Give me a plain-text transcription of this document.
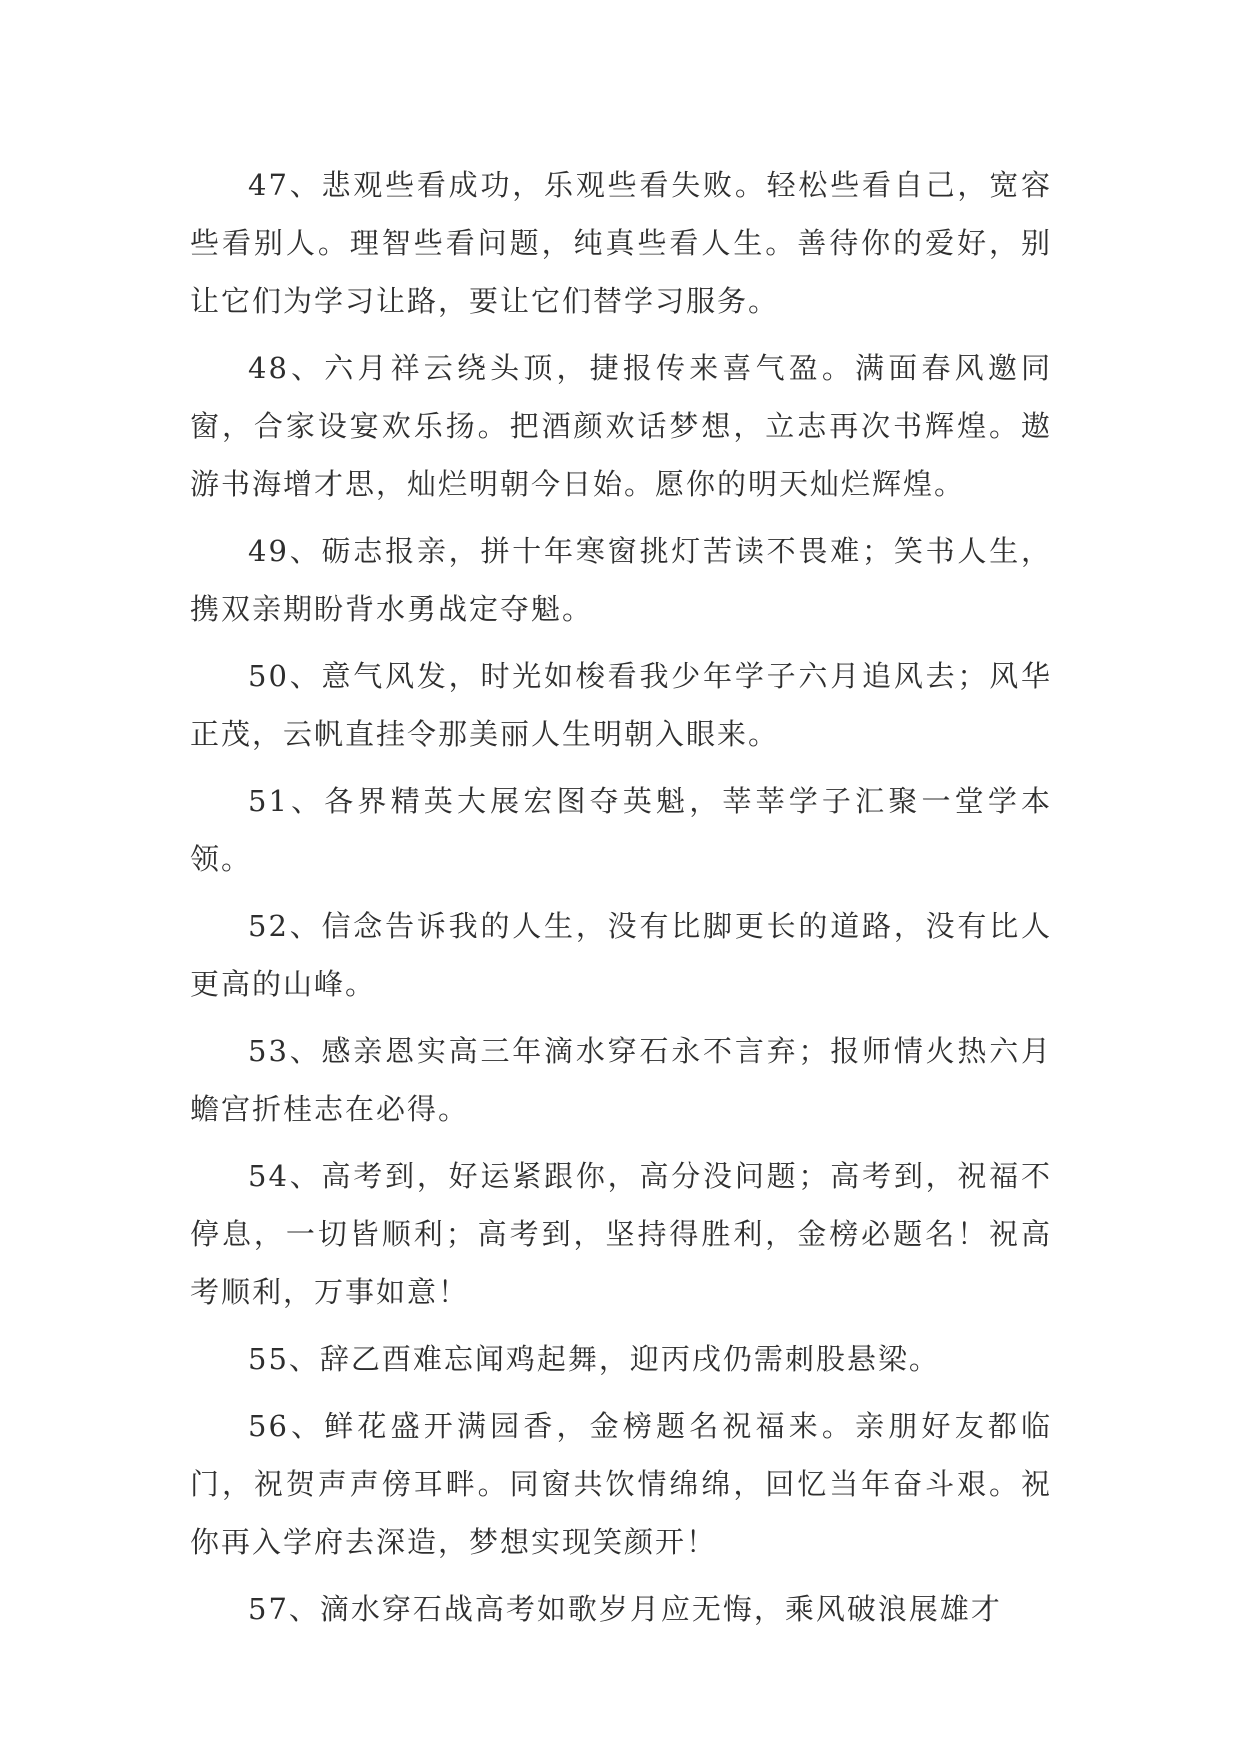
47、悲观些看成功，乐观些看失败。轻松些看自己，宽容些看别人。理智些看问题，纯真些看人生。善待你的爱好，别让它们为学习让路，要让它们替学习服务。

48、六月祥云绕头顶，捷报传来喜气盈。满面春风邀同窗，合家设宴欢乐扬。把酒颜欢话梦想，立志再次书辉煌。遨游书海增才思，灿烂明朝今日始。愿你的明天灿烂辉煌。

49、砺志报亲，拼十年寒窗挑灯苦读不畏难；笑书人生，携双亲期盼背水勇战定夺魁。

50、意气风发，时光如梭看我少年学子六月追风去；风华正茂，云帆直挂令那美丽人生明朝入眼来。

51、各界精英大展宏图夺英魁，莘莘学子汇聚一堂学本领。

52、信念告诉我的人生，没有比脚更长的道路，没有比人更高的山峰。

53、感亲恩实高三年滴水穿石永不言弃；报师情火热六月蟾宫折桂志在必得。

54、高考到，好运紧跟你，高分没问题；高考到，祝福不停息，一切皆顺利；高考到，坚持得胜利，金榜必题名！祝高考顺利，万事如意！

55、辞乙酉难忘闻鸡起舞，迎丙戌仍需刺股悬梁。

56、鲜花盛开满园香，金榜题名祝福来。亲朋好友都临门，祝贺声声傍耳畔。同窗共饮情绵绵，回忆当年奋斗艰。祝你再入学府去深造，梦想实现笑颜开！

57、滴水穿石战高考如歌岁月应无悔，乘风破浪展雄才
